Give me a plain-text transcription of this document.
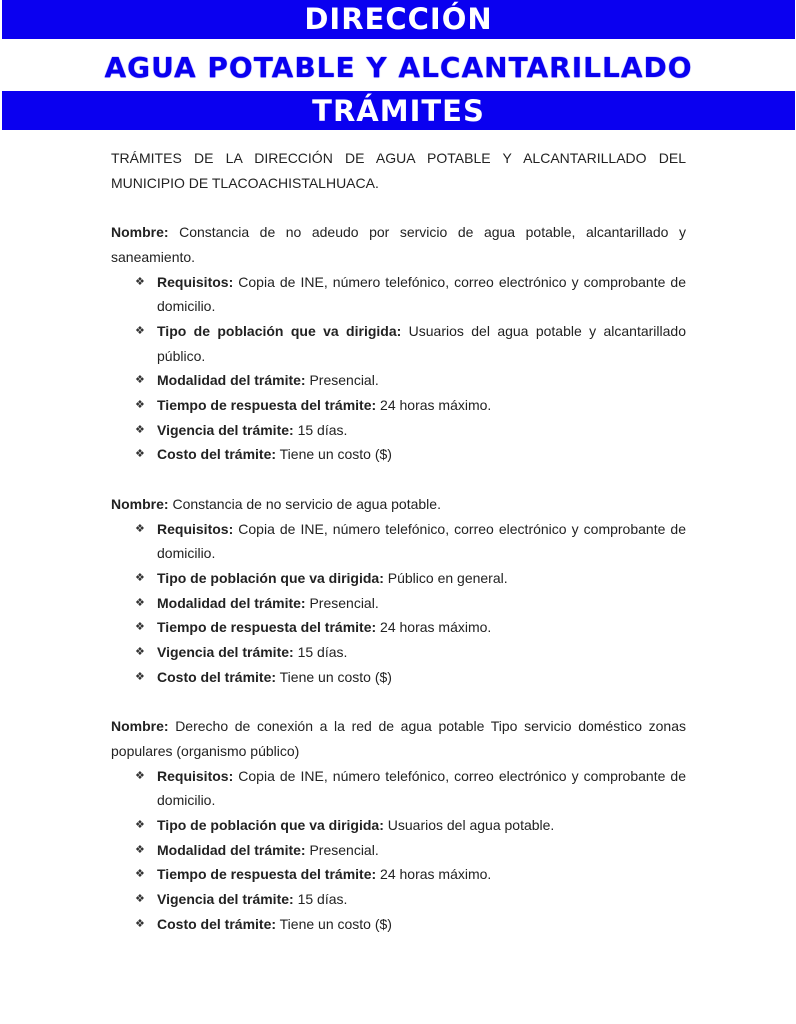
DIRECCIÓN
AGUA POTABLE Y ALCANTARILLADO
TRÁMITES

TRÁMITES DE LA DIRECCIÓN DE AGUA POTABLE Y ALCANTARILLADO DEL MUNICIPIO DE TLACOACHISTALHUACA.

Nombre: Constancia de no adeudo por servicio de agua potable, alcantarillado y saneamiento.
❖ Requisitos: Copia de INE, número telefónico, correo electrónico y comprobante de domicilio.
❖ Tipo de población que va dirigida: Usuarios del agua potable y alcantarillado público.
❖ Modalidad del trámite: Presencial.
❖ Tiempo de respuesta del trámite: 24 horas máximo.
❖ Vigencia del trámite: 15 días.
❖ Costo del trámite: Tiene un costo ($)
Nombre: Constancia de no servicio de agua potable.
❖ Requisitos: Copia de INE, número telefónico, correo electrónico y comprobante de domicilio.
❖ Tipo de población que va dirigida: Público en general.
❖ Modalidad del trámite: Presencial.
❖ Tiempo de respuesta del trámite: 24 horas máximo.
❖ Vigencia del trámite: 15 días.
❖ Costo del trámite: Tiene un costo ($)
Nombre: Derecho de conexión a la red de agua potable Tipo servicio doméstico zonas populares (organismo público)
❖ Requisitos: Copia de INE, número telefónico, correo electrónico y comprobante de domicilio.
❖ Tipo de población que va dirigida: Usuarios del agua potable.
❖ Modalidad del trámite: Presencial.
❖ Tiempo de respuesta del trámite: 24 horas máximo.
❖ Vigencia del trámite: 15 días.
❖ Costo del trámite: Tiene un costo ($)
